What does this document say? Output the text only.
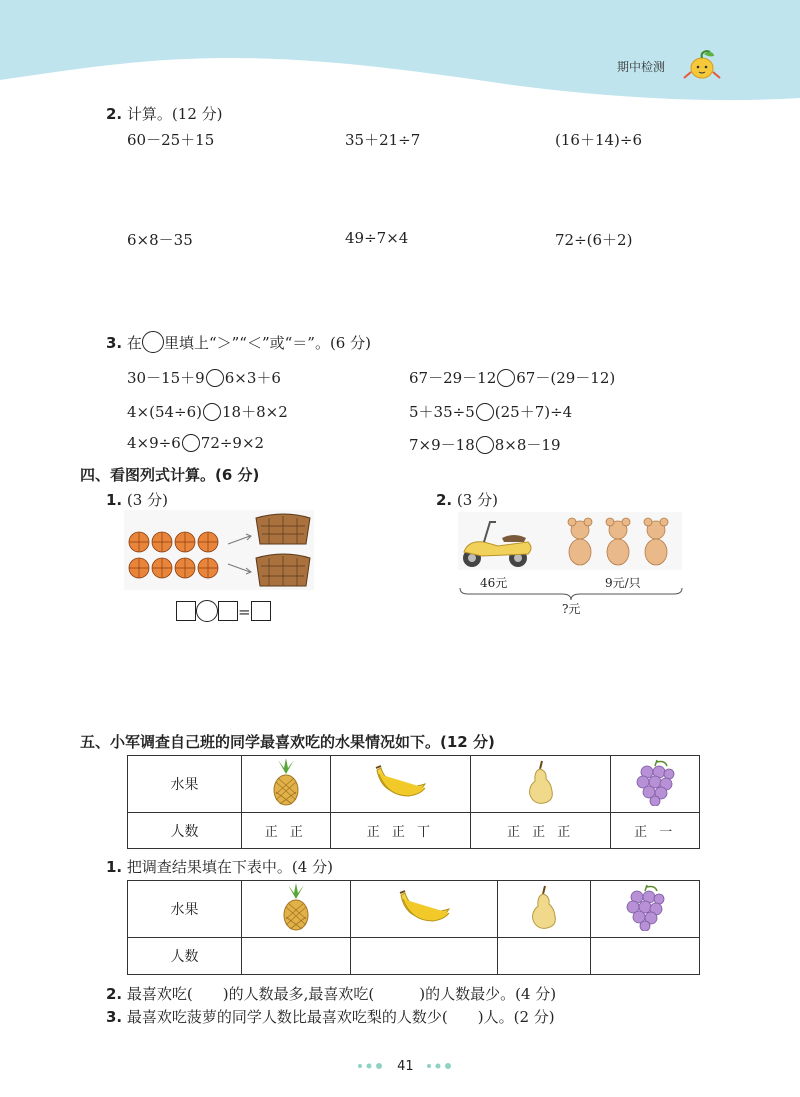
期中检测
2. 计算。(12 分)
60－25＋15	35＋21÷7	(16＋14)÷6
6×8－35	49÷7×4	72÷(6＋2)
3. 在 里填上“＞”“＜”或“＝”。(6 分)
30－15＋9 6×3＋6	67－29－12 67－(29－12)
4×(54÷6) 18＋8×2	5＋35÷5 (25＋7)÷4
4×9÷6 72÷9×2	7×9－18 8×8－19
四、看图列式计算。(6 分)
1. (3 分)	2. (3 分)
=
46元	9元/只
?元
五、小军调查自己班的同学最喜欢吃的水果情况如下。(12 分)
水果				
人数	正 正	正 正 丅	正 正 正	正 一
1. 把调查结果填在下表中。(4 分)
水果				
人数				
2. 最喜欢吃(　　)的人数最多,最喜欢吃(　　　)的人数最少。(4 分)
3. 最喜欢吃菠萝的同学人数比最喜欢吃梨的人数少(　　)人。(2 分)
41
